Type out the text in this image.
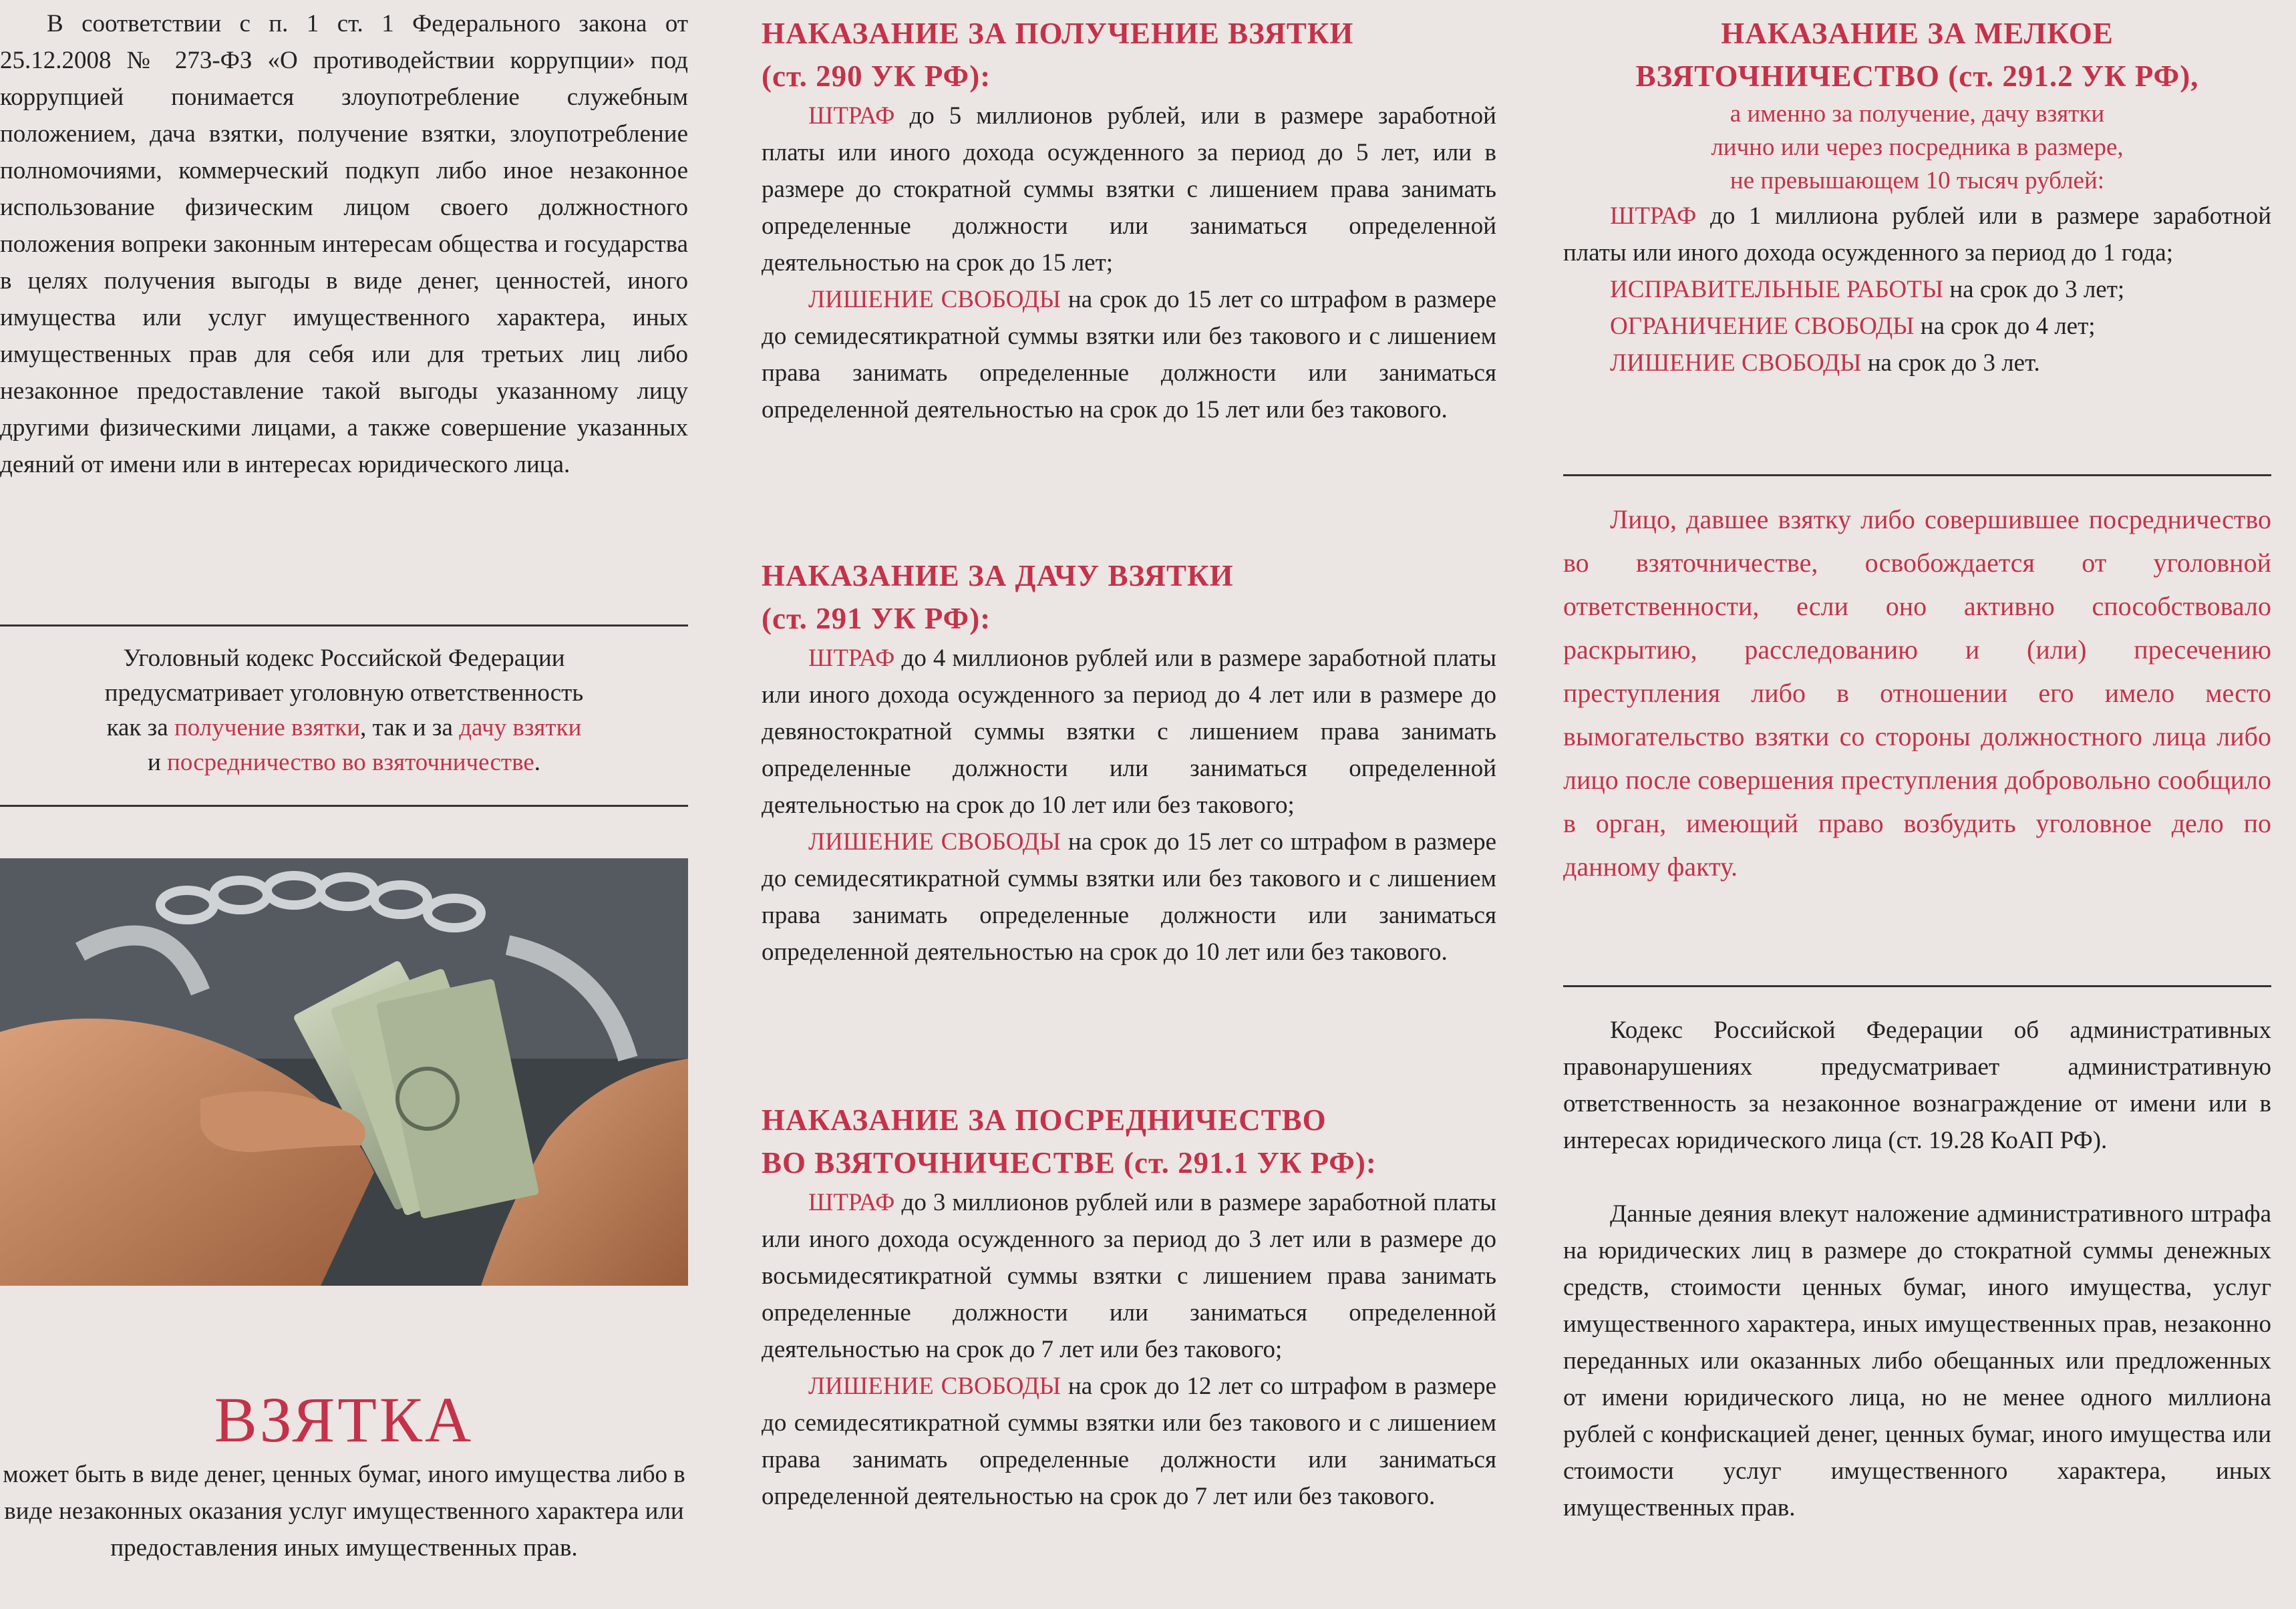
В соответствии с п. 1 ст. 1 Федерального закона от 25.12.2008 № 273-ФЗ «О противодействии коррупции» под коррупцией понимается злоупотребление служебным положением, дача взятки, получение взятки, злоупотребление полномочиями, коммерческий подкуп либо иное незаконное использование физическим лицом своего должностного положения вопреки законным интересам общества и государства в целях получения выгоды в виде денег, ценностей, иного имущества или услуг имущественного характера, иных имущественных прав для себя или для третьих лиц либо незаконное предоставление такой выгоды указанному лицу другими физическими лицами, а также совершение указанных деяний от имени или в интересах юридического лица.

Уголовный кодекс Российской Федерации
предусматривает уголовную ответственность
как за получение взятки, так и за дачу взятки
и посредничество во взяточничестве.
ВЗЯТКА

может быть в виде денег, ценных бумаг, иного имущества либо в виде незаконных оказания услуг имущественного характера или предоставления иных имущественных прав.

НАКАЗАНИЕ ЗА ПОЛУЧЕНИЕ ВЗЯТКИ
(ст. 290 УК РФ):

ШТРАФ до 5 миллионов рублей, или в размере заработной платы или иного дохода осужденного за период до 5 лет, или в размере до стократной суммы взятки с лишением права занимать определенные должности или заниматься определенной деятельностью на срок до 15 лет;

ЛИШЕНИЕ СВОБОДЫ на срок до 15 лет со штрафом в размере до семидесятикратной суммы взятки или без такового и с лишением права занимать определенные должности или заниматься определенной деятельностью на срок до 15 лет или без такового.

НАКАЗАНИЕ ЗА ДАЧУ ВЗЯТКИ
(ст. 291 УК РФ):

ШТРАФ до 4 миллионов рублей или в размере заработной платы или иного дохода осужденного за период до 4 лет или в размере до девяностократной суммы взятки с лишением права занимать определенные должности или заниматься определенной деятельностью на срок до 10 лет или без такового;

ЛИШЕНИЕ СВОБОДЫ на срок до 15 лет со штрафом в размере до семидесятикратной суммы взятки или без такового и с лишением права занимать определенные должности или заниматься определенной деятельностью на срок до 10 лет или без такового.

НАКАЗАНИЕ ЗА ПОСРЕДНИЧЕСТВО
ВО ВЗЯТОЧНИЧЕСТВЕ (ст. 291.1 УК РФ):

ШТРАФ до 3 миллионов рублей или в размере заработной платы или иного дохода осужденного за период до 3 лет или в размере до восьмидесятикратной суммы взятки с лишением права занимать определенные должности или заниматься определенной деятельностью на срок до 7 лет или без такового;

ЛИШЕНИЕ СВОБОДЫ на срок до 12 лет со штрафом в размере до семидесятикратной суммы взятки или без такового и с лишением права занимать определенные должности или заниматься определенной деятельностью на срок до 7 лет или без такового.

НАКАЗАНИЕ ЗА МЕЛКОЕ
ВЗЯТОЧНИЧЕСТВО (ст. 291.2 УК РФ),
а именно за получение, дачу взятки
лично или через посредника в размере,
не превышающем 10 тысяч рублей:

ШТРАФ до 1 миллиона рублей или в размере заработной платы или иного дохода осужденного за период до 1 года;

ИСПРАВИТЕЛЬНЫЕ РАБОТЫ на срок до 3 лет;

ОГРАНИЧЕНИЕ СВОБОДЫ на срок до 4 лет;

ЛИШЕНИЕ СВОБОДЫ на срок до 3 лет.

Лицо, давшее взятку либо совершившее посредничество во взяточничестве, освобождается от уголовной ответственности, если оно активно способствовало раскрытию, расследованию и (или) пресечению преступления либо в отношении его имело место вымогательство взятки со стороны должностного лица либо лицо после совершения преступления добровольно сообщило в орган, имеющий право возбудить уголовное дело по данному факту.

Кодекс Российской Федерации об административных правонарушениях предусматривает административную ответственность за незаконное вознаграждение от имени или в интересах юридического лица (ст. 19.28 КоАП РФ).

Данные деяния влекут наложение административного штрафа на юридических лиц в размере до стократной суммы денежных средств, стоимости ценных бумаг, иного имущества, услуг имущественного характера, иных имущественных прав, незаконно переданных или оказанных либо обещанных или предложенных от имени юридического лица, но не менее одного миллиона рублей с конфискацией денег, ценных бумаг, иного имущества или стоимости услуг имущественного характера, иных имущественных прав.
